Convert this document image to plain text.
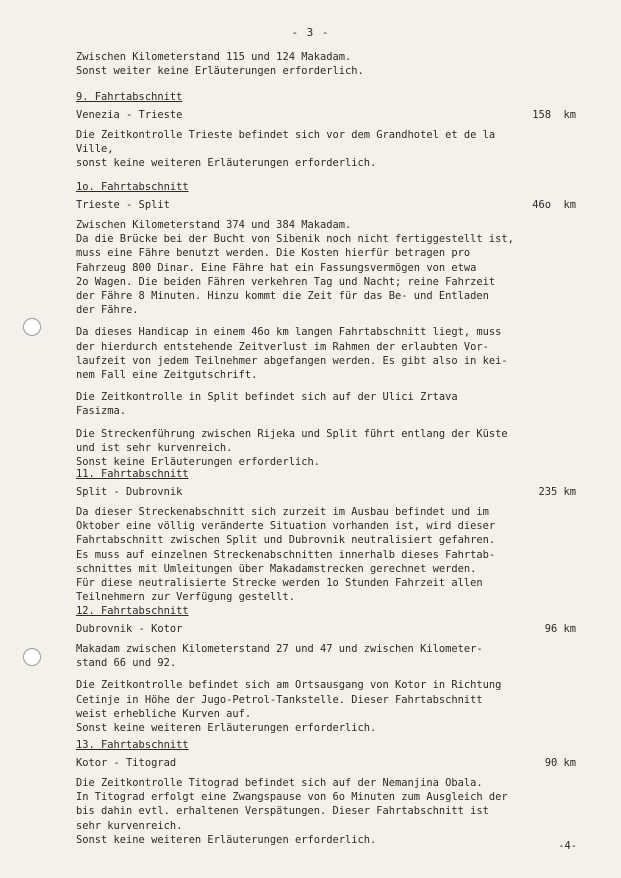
- 3 -
Zwischen Kilometerstand 115 und 124 Makadam.
Sonst weiter keine Erläuterungen erforderlich.
9. Fahrtabschnitt
Venezia - Trieste	158  km
Die Zeitkontrolle Trieste befindet sich vor dem Grandhotel et de la
Ville,
sonst keine weiteren Erläuterungen erforderlich.
1o. Fahrtabschnitt
Trieste - Split	46o  km
Zwischen Kilometerstand 374 und 384 Makadam.
Da die Brücke bei der Bucht von Sibenik noch nicht fertiggestellt ist,
muss eine Fähre benutzt werden. Die Kosten hierfür betragen pro
Fahrzeug 800 Dinar. Eine Fähre hat ein Fassungsvermögen von etwa
2o Wagen. Die beiden Fähren verkehren Tag und Nacht; reine Fahrzeit
der Fähre 8 Minuten. Hinzu kommt die Zeit für das Be- und Entladen
der Fähre.
Da dieses Handicap in einem 46o km langen Fahrtabschnitt liegt, muss
der hierdurch entstehende Zeitverlust im Rahmen der erlaubten Vor-
laufzeit von jedem Teilnehmer abgefangen werden. Es gibt also in kei-
nem Fall eine Zeitgutschrift.
Die Zeitkontrolle in Split befindet sich auf der Ulici Zrtava
Fasizma.
Die Streckenführung zwischen Rijeka und Split führt entlang der Küste
und ist sehr kurvenreich.
Sonst keine Erläuterungen erforderlich.
11. Fahrtabschnitt
Split - Dubrovnik	235 km
Da dieser Streckenabschnitt sich zurzeit im Ausbau befindet und im
Oktober eine völlig veränderte Situation vorhanden ist, wird dieser
Fahrtabschnitt zwischen Split und Dubrovnik neutralisiert gefahren.
Es muss auf einzelnen Streckenabschnitten innerhalb dieses Fahrtab-
schnittes mit Umleitungen über Makadamstrecken gerechnet werden.
Für diese neutralisierte Strecke werden 1o Stunden Fahrzeit allen
Teilnehmern zur Verfügung gestellt.
12. Fahrtabschnitt
Dubrovnik - Kotor	96 km
Makadam zwischen Kilometerstand 27 und 47 und zwischen Kilometer-
stand 66 und 92.
Die Zeitkontrolle befindet sich am Ortsausgang von Kotor in Richtung
Cetinje in Höhe der Jugo-Petrol-Tankstelle. Dieser Fahrtabschnitt
weist erhebliche Kurven auf.
Sonst keine weiteren Erläuterungen erforderlich.
13. Fahrtabschnitt
Kotor - Titograd	90 km
Die Zeitkontrolle Titograd befindet sich auf der Nemanjina Obala.
In Titograd erfolgt eine Zwangspause von 6o Minuten zum Ausgleich der
bis dahin evtl. erhaltenen Verspätungen. Dieser Fahrtabschnitt ist
sehr kurvenreich.
Sonst keine weiteren Erläuterungen erforderlich.
-4-
